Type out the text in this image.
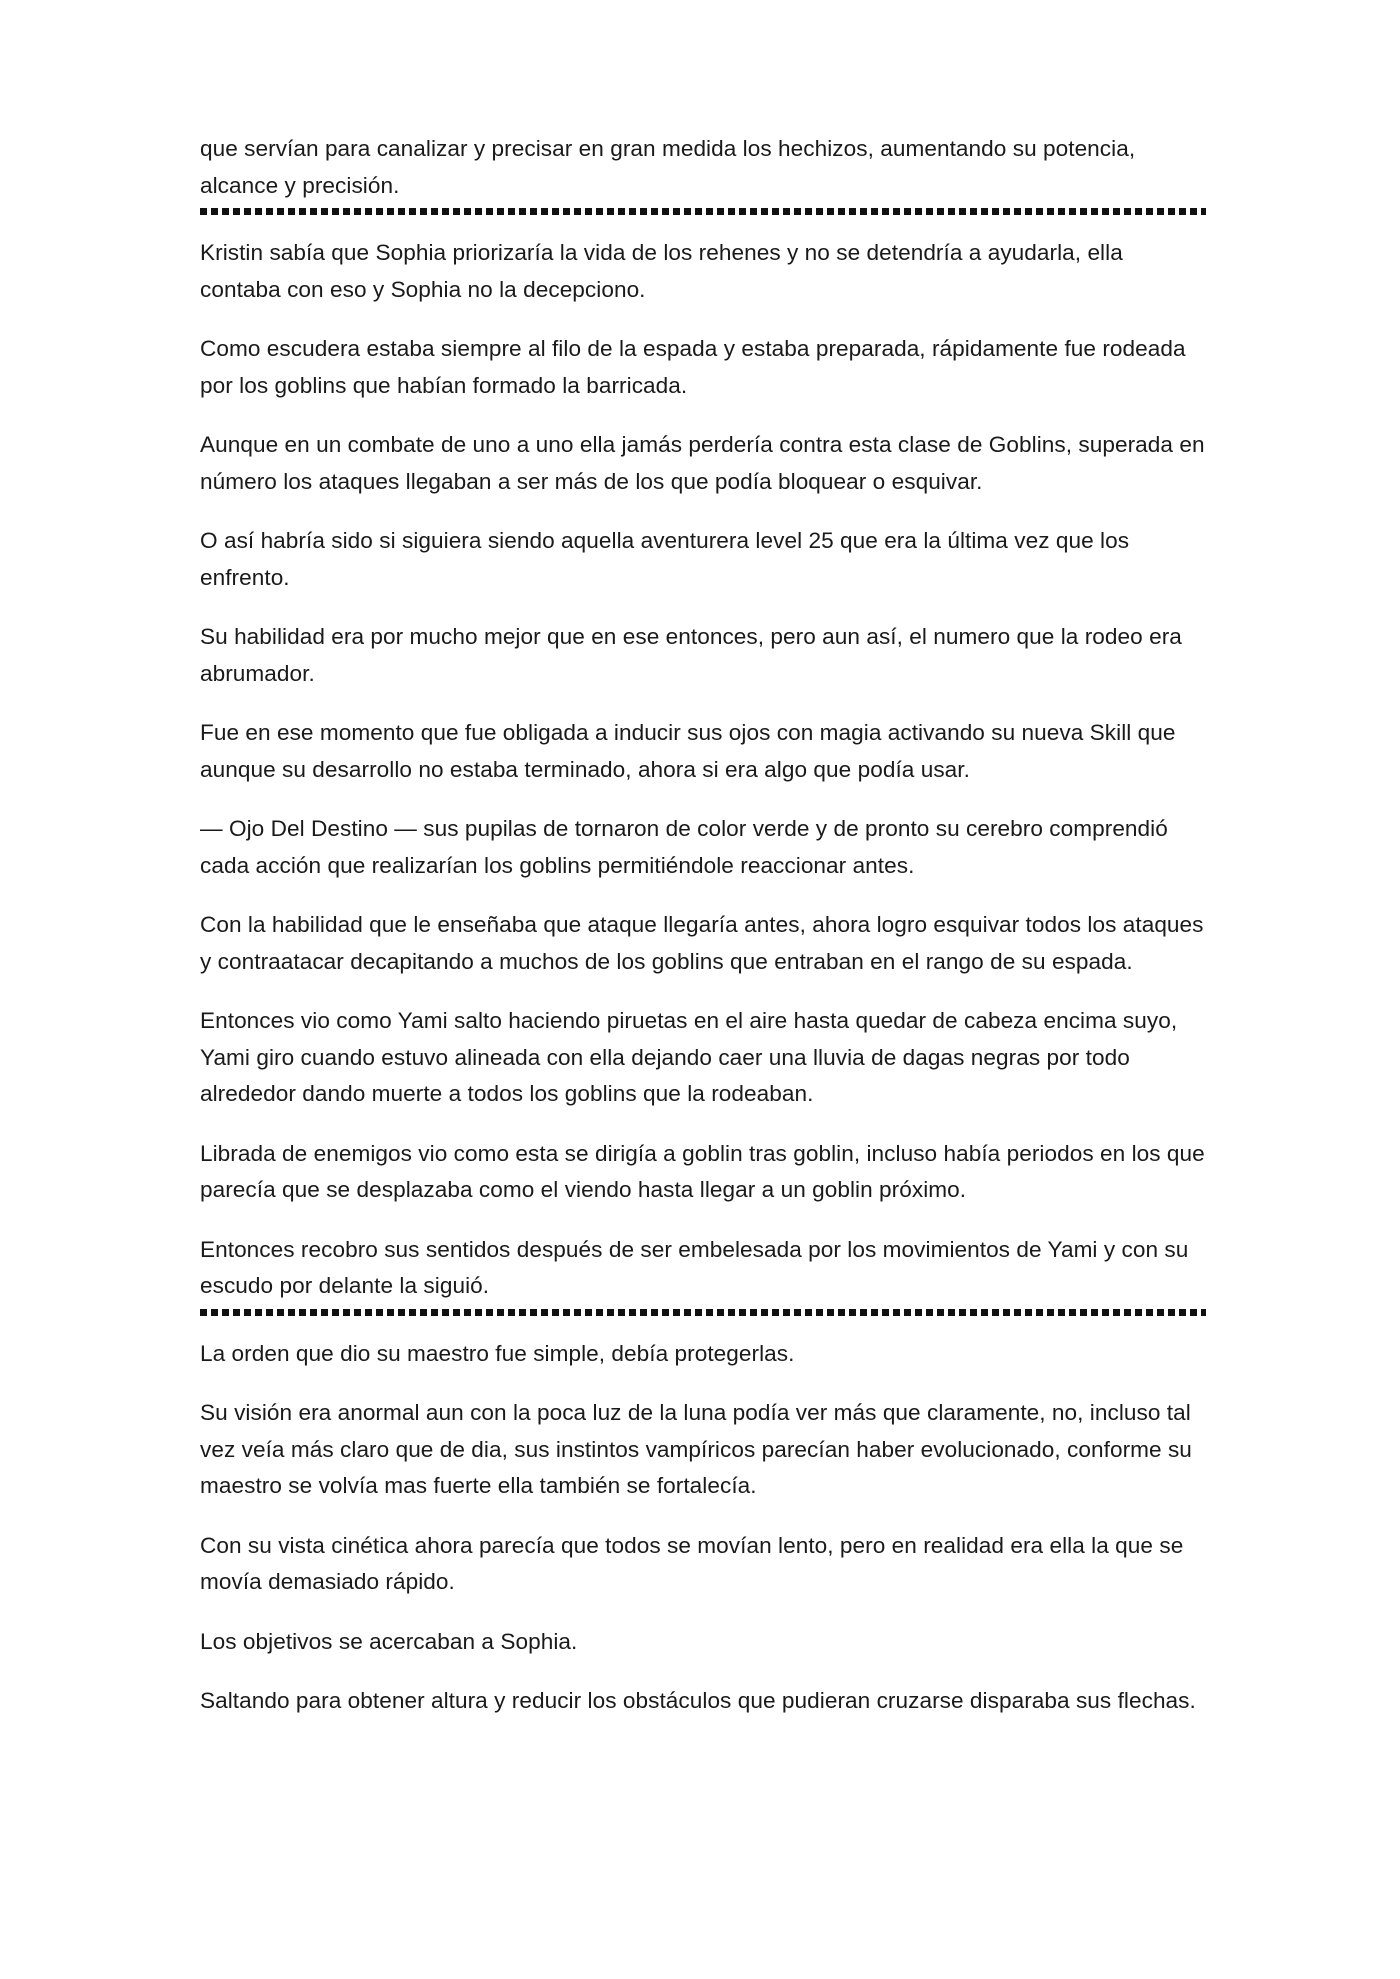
que servían para canalizar y precisar en gran medida los hechizos, aumentando su potencia, alcance y precisión.

Kristin sabía que Sophia priorizaría la vida de los rehenes y no se detendría a ayudarla, ella contaba con eso y Sophia no la decepciono.

Como escudera estaba siempre al filo de la espada y estaba preparada, rápidamente fue rodeada por los goblins que habían formado la barricada.

Aunque en un combate de uno a uno ella jamás perdería contra esta clase de Goblins, superada en número los ataques llegaban a ser más de los que podía bloquear o esquivar.

O así habría sido si siguiera siendo aquella aventurera level 25 que era la última vez que los enfrento.

Su habilidad era por mucho mejor que en ese entonces, pero aun así, el numero que la rodeo era abrumador.

Fue en ese momento que fue obligada a inducir sus ojos con magia activando su nueva Skill que aunque su desarrollo no estaba terminado, ahora si era algo que podía usar.

— Ojo Del Destino — sus pupilas de tornaron de color verde y de pronto su cerebro comprendió cada acción que realizarían los goblins permitiéndole reaccionar antes.

Con la habilidad que le enseñaba que ataque llegaría antes, ahora logro esquivar todos los ataques y contraatacar decapitando a muchos de los goblins que entraban en el rango de su espada.

Entonces vio como Yami salto haciendo piruetas en el aire hasta quedar de cabeza encima suyo, Yami giro cuando estuvo alineada con ella dejando caer una lluvia de dagas negras por todo alrededor dando muerte a todos los goblins que la rodeaban.

Librada de enemigos vio como esta se dirigía a goblin tras goblin, incluso había periodos en los que parecía que se desplazaba como el viendo hasta llegar a un goblin próximo.

Entonces recobro sus sentidos después de ser embelesada por los movimientos de Yami y con su escudo por delante la siguió.

La orden que dio su maestro fue simple, debía protegerlas.

Su visión era anormal aun con la poca luz de la luna podía ver más que claramente, no, incluso tal vez veía más claro que de dia, sus instintos vampíricos parecían haber evolucionado, conforme su maestro se volvía mas fuerte ella también se fortalecía.

Con su vista cinética ahora parecía que todos se movían lento, pero en realidad era ella la que se movía demasiado rápido.

Los objetivos se acercaban a Sophia.

Saltando para obtener altura y reducir los obstáculos que pudieran cruzarse disparaba sus flechas.
